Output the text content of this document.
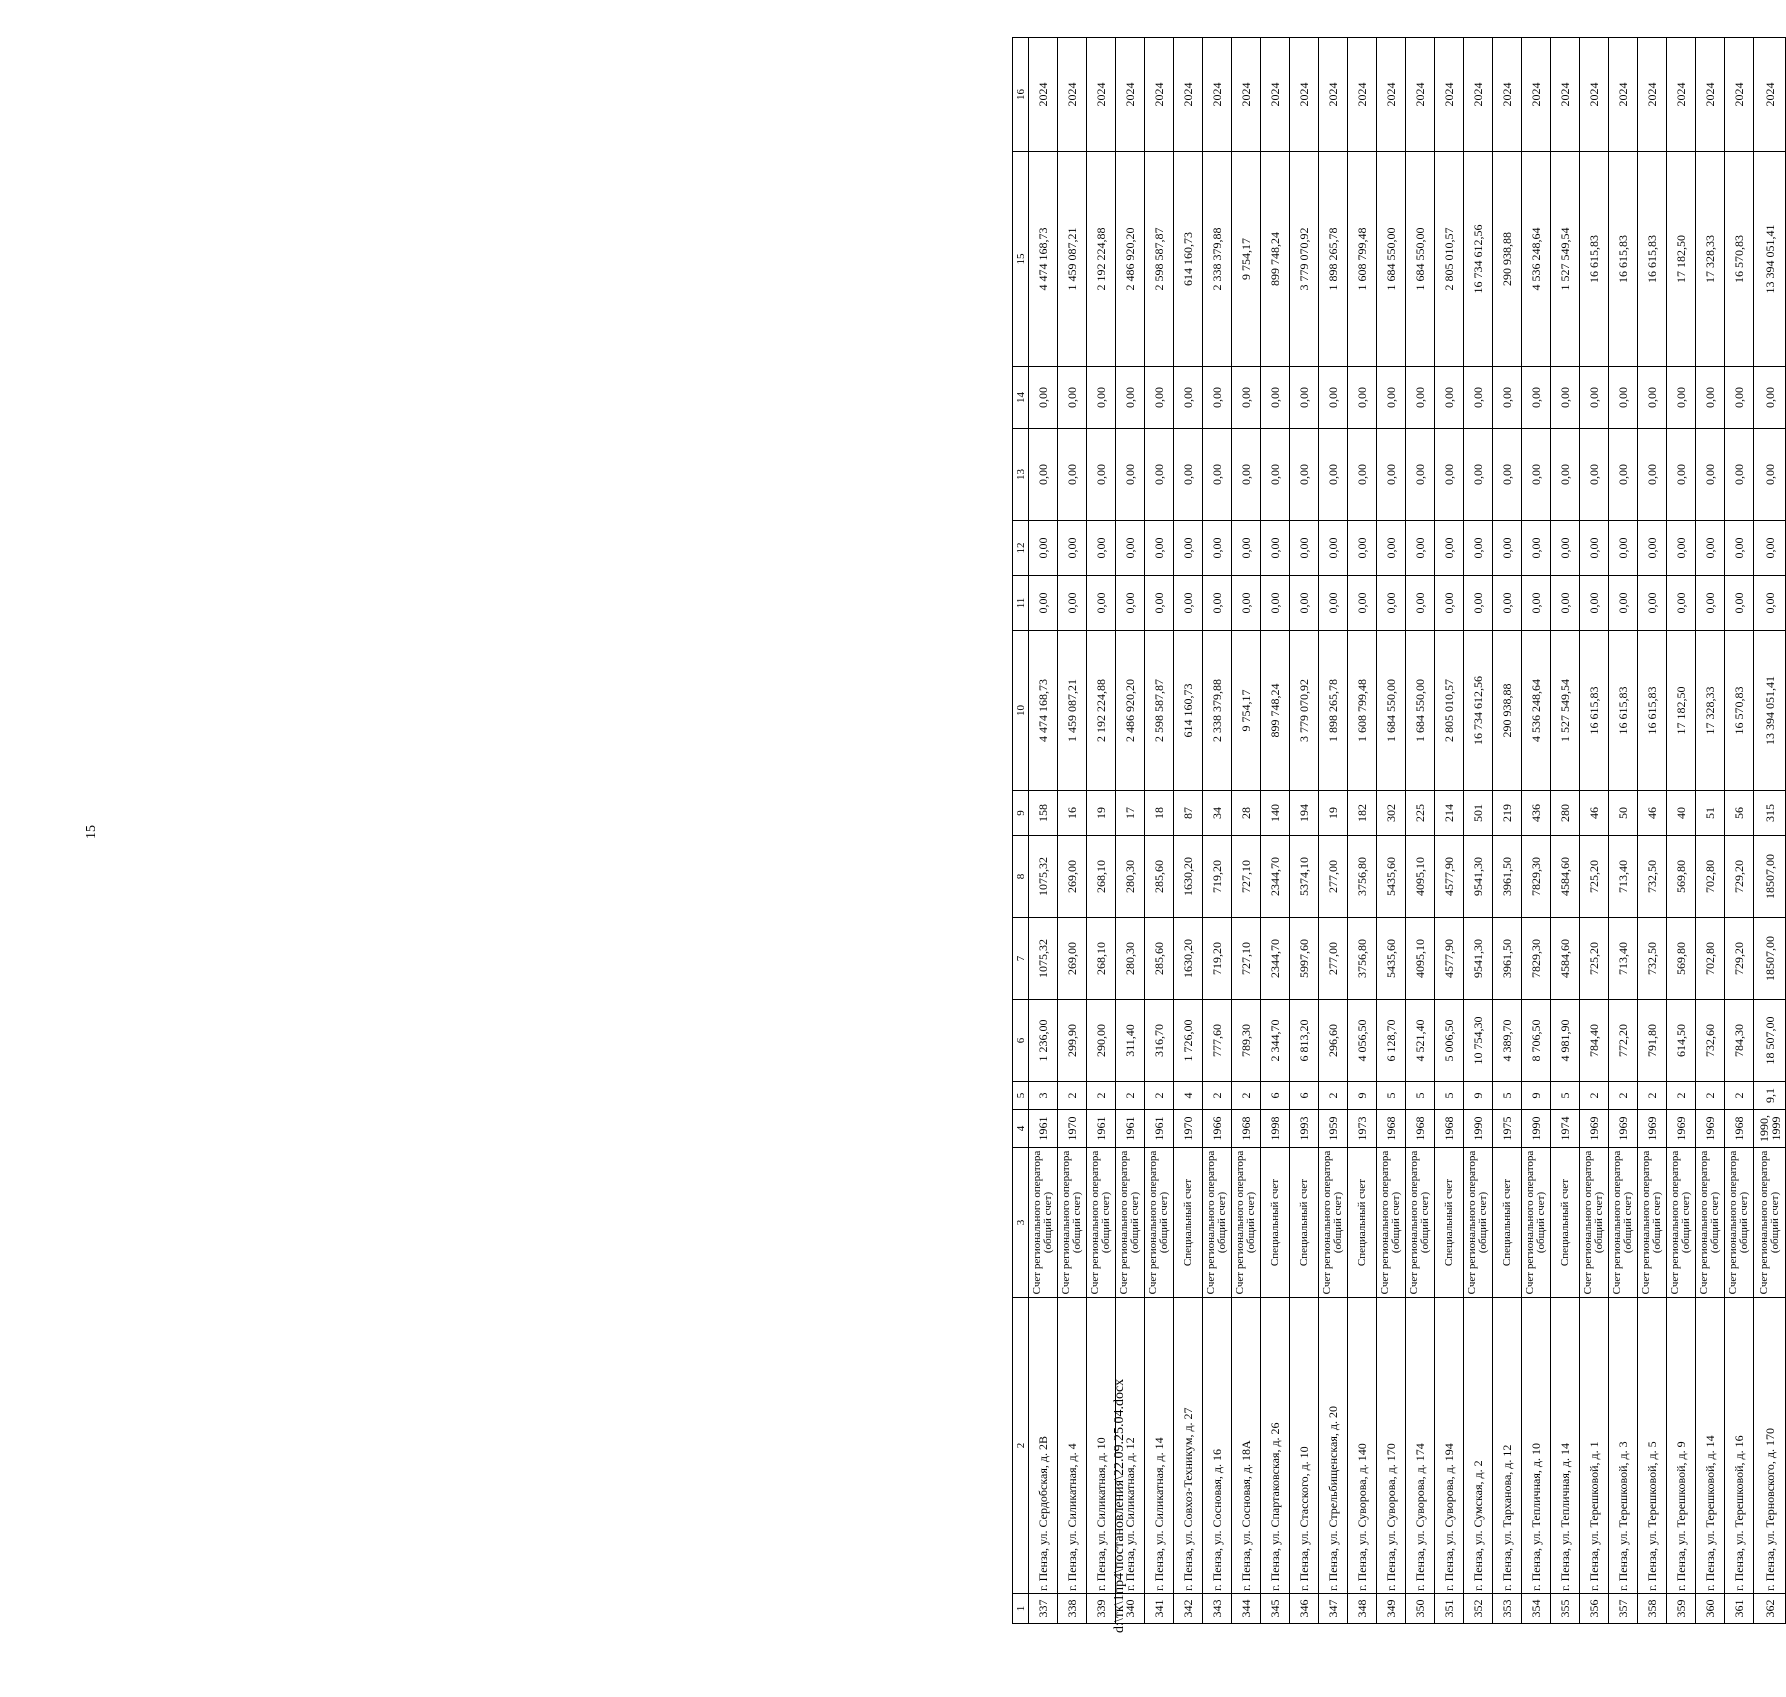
15
1	2	3	4	5	6	7	8	9	10	11	12	13	14	15	16
337	г. Пенза, ул. Сердобская, д. 2В	Счет регионального оператора (общий счет)	1961	3	1 236,00	1075,32	1075,32	158	4 474 168,73	0,00	0,00	0,00	0,00	4 474 168,73	2024
338	г. Пенза, ул. Силикатная, д. 4	Счет регионального оператора (общий счет)	1970	2	299,90	269,00	269,00	16	1 459 087,21	0,00	0,00	0,00	0,00	1 459 087,21	2024
339	г. Пенза, ул. Силикатная, д. 10	Счет регионального оператора (общий счет)	1961	2	290,00	268,10	268,10	19	2 192 224,88	0,00	0,00	0,00	0,00	2 192 224,88	2024
340	г. Пенза, ул. Силикатная, д. 12	Счет регионального оператора (общий счет)	1961	2	311,40	280,30	280,30	17	2 486 920,20	0,00	0,00	0,00	0,00	2 486 920,20	2024
341	г. Пенза, ул. Силикатная, д. 14	Счет регионального оператора (общий счет)	1961	2	316,70	285,60	285,60	18	2 598 587,87	0,00	0,00	0,00	0,00	2 598 587,87	2024
342	г. Пенза, ул. Совхоз-Техникум, д. 27	Специальный счет	1970	4	1 726,00	1630,20	1630,20	87	614 160,73	0,00	0,00	0,00	0,00	614 160,73	2024
343	г. Пенза, ул. Сосновая, д. 16	Счет регионального оператора (общий счет)	1966	2	777,60	719,20	719,20	34	2 338 379,88	0,00	0,00	0,00	0,00	2 338 379,88	2024
344	г. Пенза, ул. Сосновая, д. 18А	Счет регионального оператора (общий счет)	1968	2	789,30	727,10	727,10	28	9 754,17	0,00	0,00	0,00	0,00	9 754,17	2024
345	г. Пенза, ул. Спартаковская, д. 26	Специальный счет	1998	6	2 344,70	2344,70	2344,70	140	899 748,24	0,00	0,00	0,00	0,00	899 748,24	2024
346	г. Пенза, ул. Стасского, д. 10	Специальный счет	1993	6	6 813,20	5997,60	5374,10	194	3 779 070,92	0,00	0,00	0,00	0,00	3 779 070,92	2024
347	г. Пенза, ул. Стрельбищенская, д. 20	Счет регионального оператора (общий счет)	1959	2	296,60	277,00	277,00	19	1 898 265,78	0,00	0,00	0,00	0,00	1 898 265,78	2024
348	г. Пенза, ул. Суворова, д. 140	Специальный счет	1973	9	4 056,50	3756,80	3756,80	182	1 608 799,48	0,00	0,00	0,00	0,00	1 608 799,48	2024
349	г. Пенза, ул. Суворова, д. 170	Счет регионального оператора (общий счет)	1968	5	6 128,70	5435,60	5435,60	302	1 684 550,00	0,00	0,00	0,00	0,00	1 684 550,00	2024
350	г. Пенза, ул. Суворова, д. 174	Счет регионального оператора (общий счет)	1968	5	4 521,40	4095,10	4095,10	225	1 684 550,00	0,00	0,00	0,00	0,00	1 684 550,00	2024
351	г. Пенза, ул. Суворова, д. 194	Специальный счет	1968	5	5 006,50	4577,90	4577,90	214	2 805 010,57	0,00	0,00	0,00	0,00	2 805 010,57	2024
352	г. Пенза, ул. Сумская, д. 2	Счет регионального оператора (общий счет)	1990	9	10 754,30	9541,30	9541,30	501	16 734 612,56	0,00	0,00	0,00	0,00	16 734 612,56	2024
353	г. Пенза, ул. Тарханова, д. 12	Специальный счет	1975	5	4 389,70	3961,50	3961,50	219	290 938,88	0,00	0,00	0,00	0,00	290 938,88	2024
354	г. Пенза, ул. Тепличная, д. 10	Счет регионального оператора (общий счет)	1990	9	8 706,50	7829,30	7829,30	436	4 536 248,64	0,00	0,00	0,00	0,00	4 536 248,64	2024
355	г. Пенза, ул. Тепличная, д. 14	Специальный счет	1974	5	4 981,90	4584,60	4584,60	280	1 527 549,54	0,00	0,00	0,00	0,00	1 527 549,54	2024
356	г. Пенза, ул. Терешковой, д. 1	Счет регионального оператора (общий счет)	1969	2	784,40	725,20	725,20	46	16 615,83	0,00	0,00	0,00	0,00	16 615,83	2024
357	г. Пенза, ул. Терешковой, д. 3	Счет регионального оператора (общий счет)	1969	2	772,20	713,40	713,40	50	16 615,83	0,00	0,00	0,00	0,00	16 615,83	2024
358	г. Пенза, ул. Терешковой, д. 5	Счет регионального оператора (общий счет)	1969	2	791,80	732,50	732,50	46	16 615,83	0,00	0,00	0,00	0,00	16 615,83	2024
359	г. Пенза, ул. Терешковой, д. 9	Счет регионального оператора (общий счет)	1969	2	614,50	569,80	569,80	40	17 182,50	0,00	0,00	0,00	0,00	17 182,50	2024
360	г. Пенза, ул. Терешковой, д. 14	Счет регионального оператора (общий счет)	1969	2	732,60	702,80	702,80	51	17 328,33	0,00	0,00	0,00	0,00	17 328,33	2024
361	г. Пенза, ул. Терешковой, д. 16	Счет регионального оператора (общий счет)	1968	2	784,30	729,20	729,20	56	16 570,83	0,00	0,00	0,00	0,00	16 570,83	2024
362	г. Пенза, ул. Терновского, д. 170	Счет регионального оператора (общий счет)	1990, 1999	9,1	18 507,00	18507,00	18507,00	315	13 394 051,41	0,00	0,00	0,00	0,00	13 394 051,41	2024
d:\тк\1пр4\постановления\22.09.25.04.docx
